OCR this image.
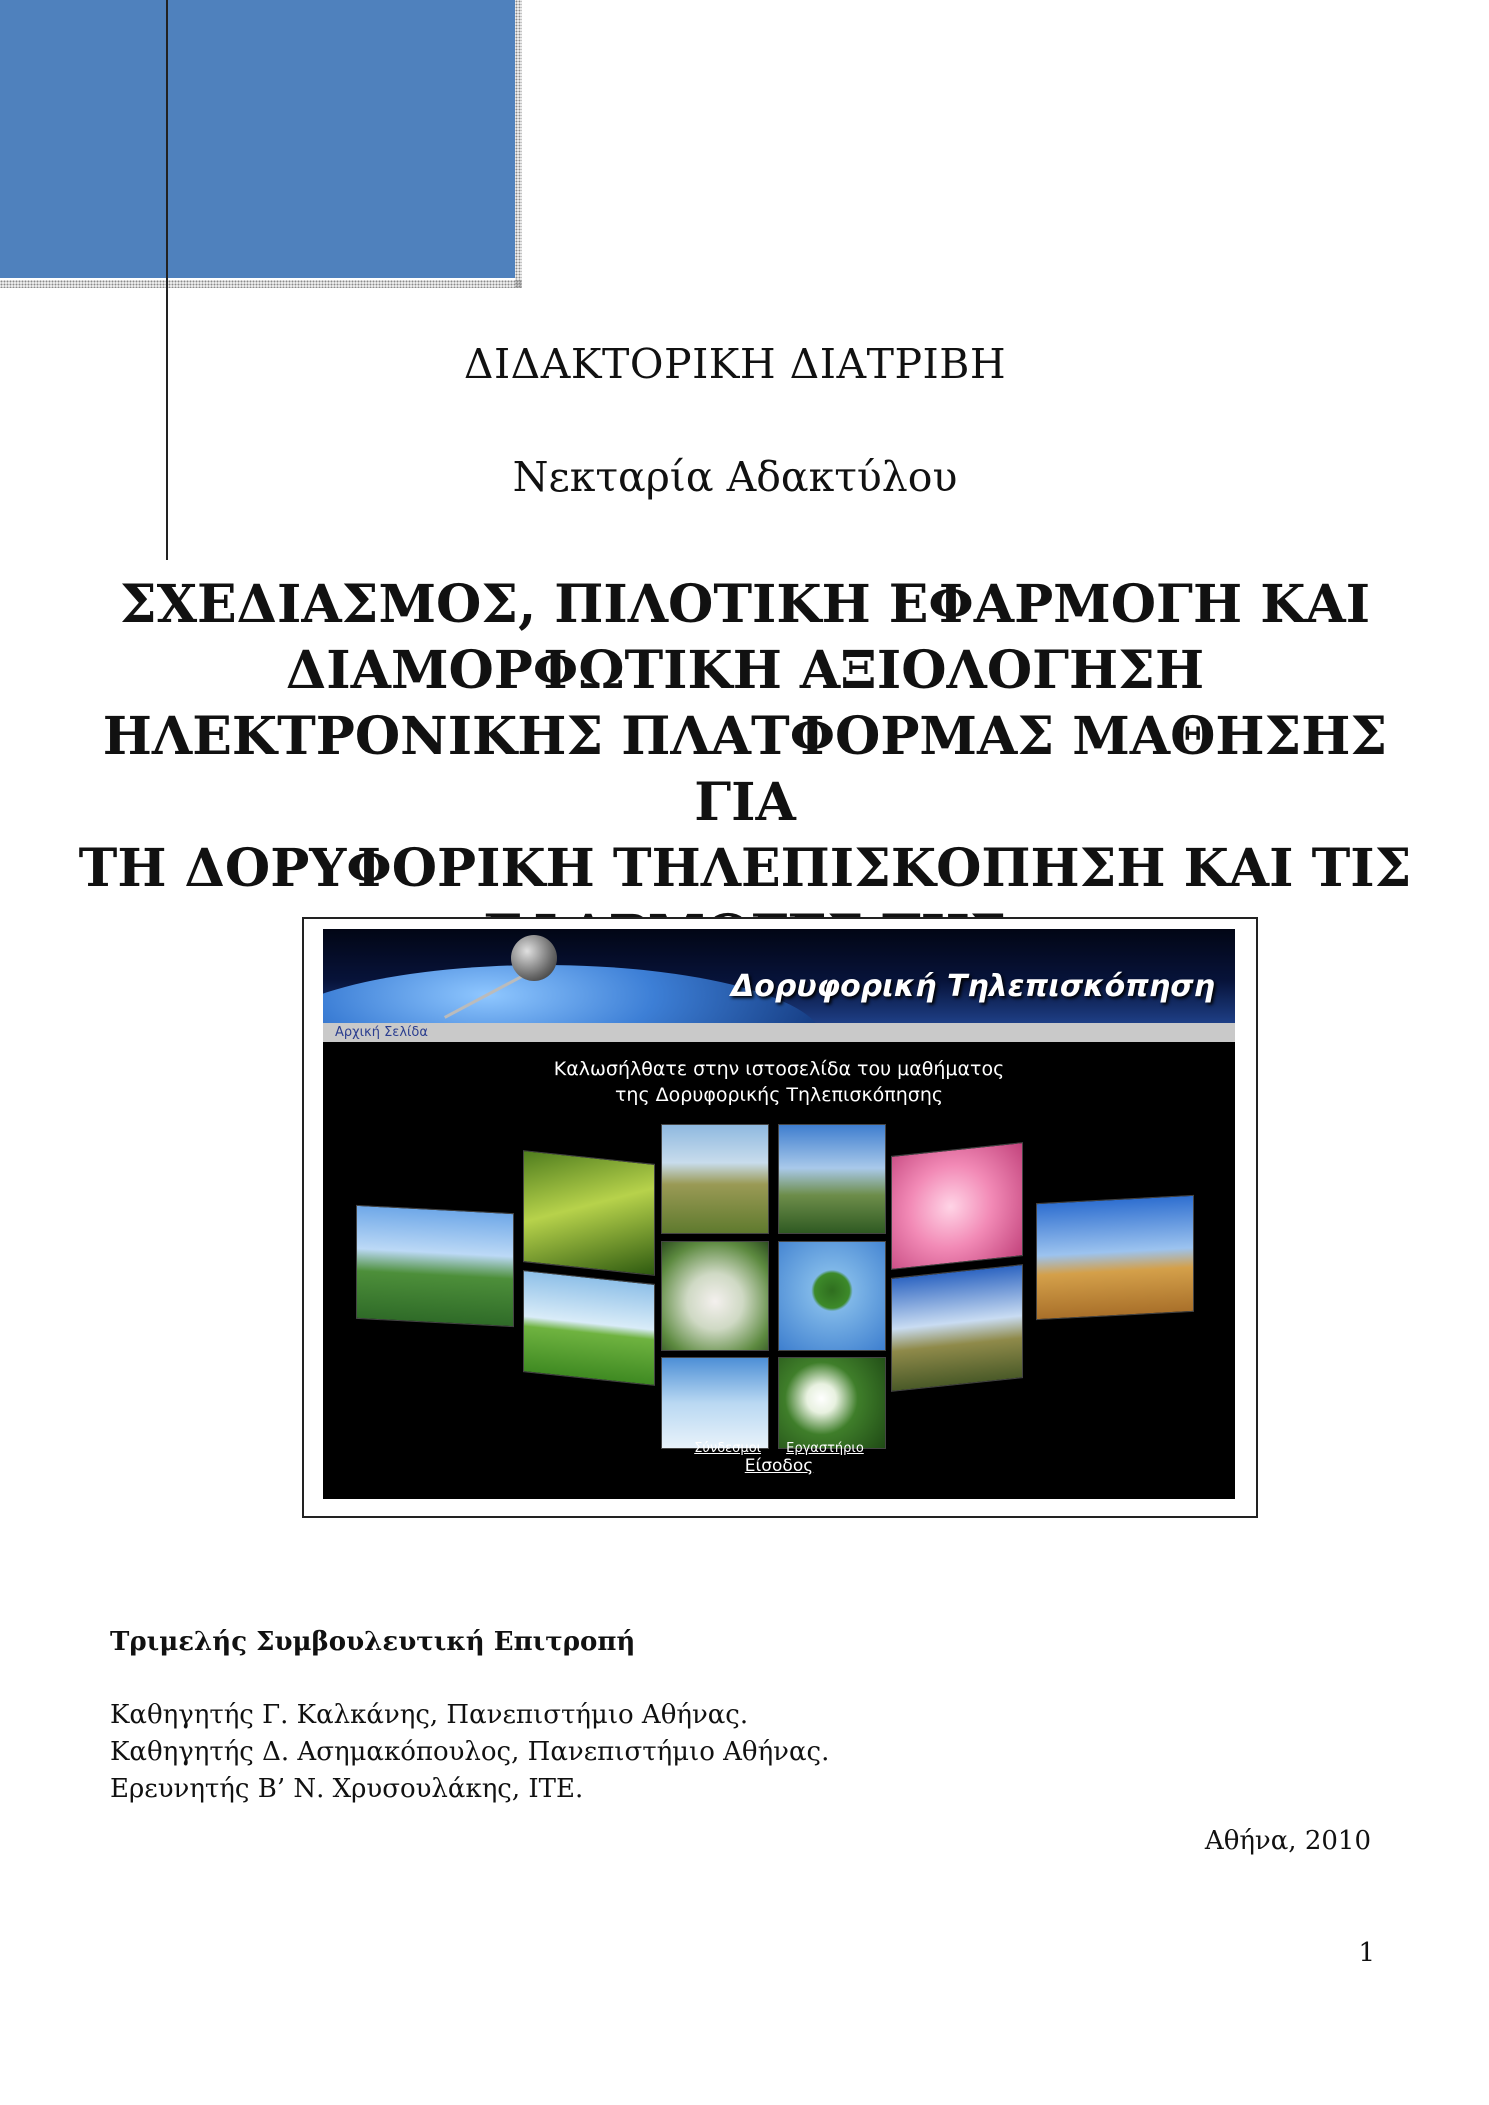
ΔΙΔΑΚΤΟΡΙΚΗ ΔΙΑΤΡΙΒΗ
Νεκταρία Αδακτύλου
ΣΧΕΔΙΑΣΜΟΣ, ΠΙΛΟΤΙΚΗ ΕΦΑΡΜΟΓΗ ΚΑΙ
ΔΙΑΜΟΡΦΩΤΙΚΗ ΑΞΙΟΛΟΓΗΣΗ
ΗΛΕΚΤΡΟΝΙΚΗΣ ΠΛΑΤΦΟΡΜΑΣ ΜΑΘΗΣΗΣ ΓΙΑ
ΤΗ ΔΟΡΥΦΟΡΙΚΗ ΤΗΛΕΠΙΣΚΟΠΗΣΗ ΚΑΙ ΤΙΣ
Δορυφορική Τηλεπισκόπηση
Αρχική Σελίδα
Καλωσήλθατε στην ιστοσελίδα του μαθήματος
της Δορυφορικής Τηλεπισκόπησης
Σύνδεσμοι Εργαστήριο
Είσοδος
Τριμελής Συμβουλευτική Επιτροπή
Καθηγητής Γ. Καλκάνης, Πανεπιστήμιο Αθήνας.
Καθηγητής Δ. Ασημακόπουλος, Πανεπιστήμιο Αθήνας.
Ερευνητής Β’ Ν. Χρυσουλάκης, ΙΤΕ.
Αθήνα, 2010
1
